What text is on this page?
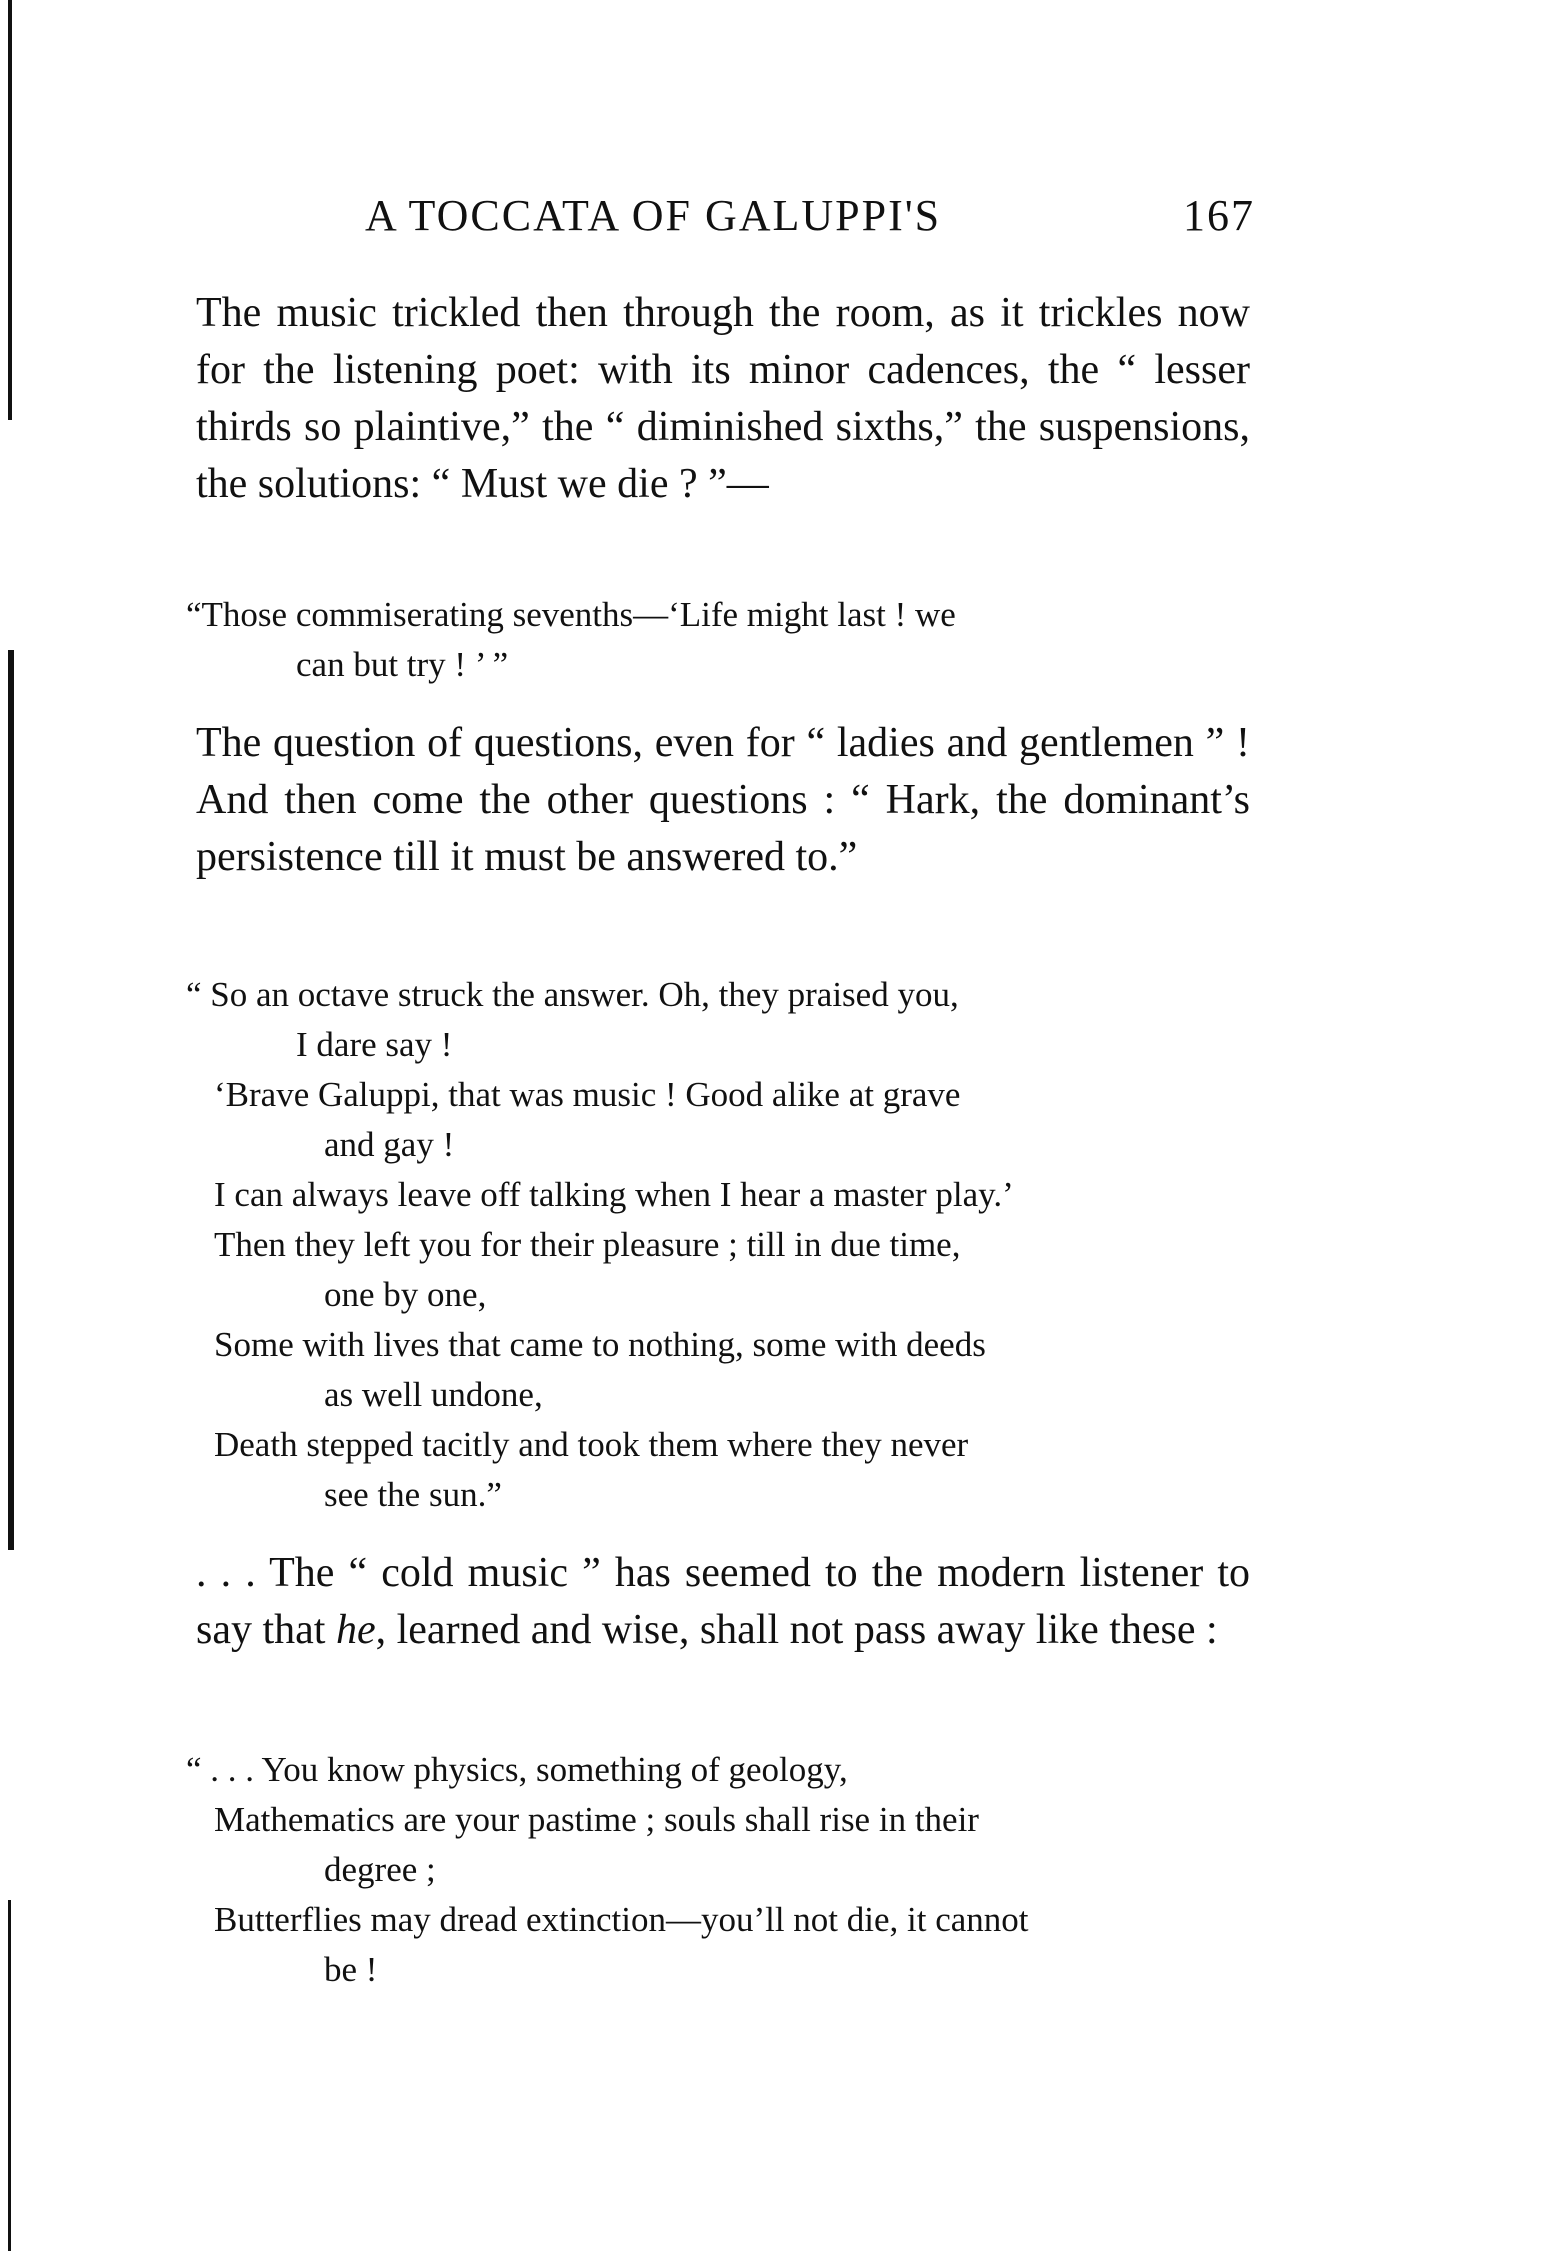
A TOCCATA OF GALUPPI'S	167
The music trickled then through the room, as it trickles now for the listening poet: with its minor cadences, the “ lesser thirds so plaintive,” the “ diminished sixths,” the suspensions, the solutions: “ Must we die ? ”—
“Those commiserating sevenths—‘Life might last ! we
can but try ! ’ ”
The question of questions, even for “ ladies and gentlemen ” ! And then come the other questions : “ Hark, the dominant’s persistence till it must be answered to.”
“ So an octave struck the answer. Oh, they praised you,
I dare say !
‘Brave Galuppi, that was music ! Good alike at grave
and gay !
I can always leave off talking when I hear a master play.’
Then they left you for their pleasure ; till in due time,
one by one,
Some with lives that came to nothing, some with deeds
as well undone,
Death stepped tacitly and took them where they never
see the sun.”
. . . The “ cold music ” has seemed to the modern listener to say that he, learned and wise, shall not pass away like these :
“ . . . You know physics, something of geology,
Mathematics are your pastime ; souls shall rise in their
degree ;
Butterflies may dread extinction—you’ll not die, it cannot
be !
